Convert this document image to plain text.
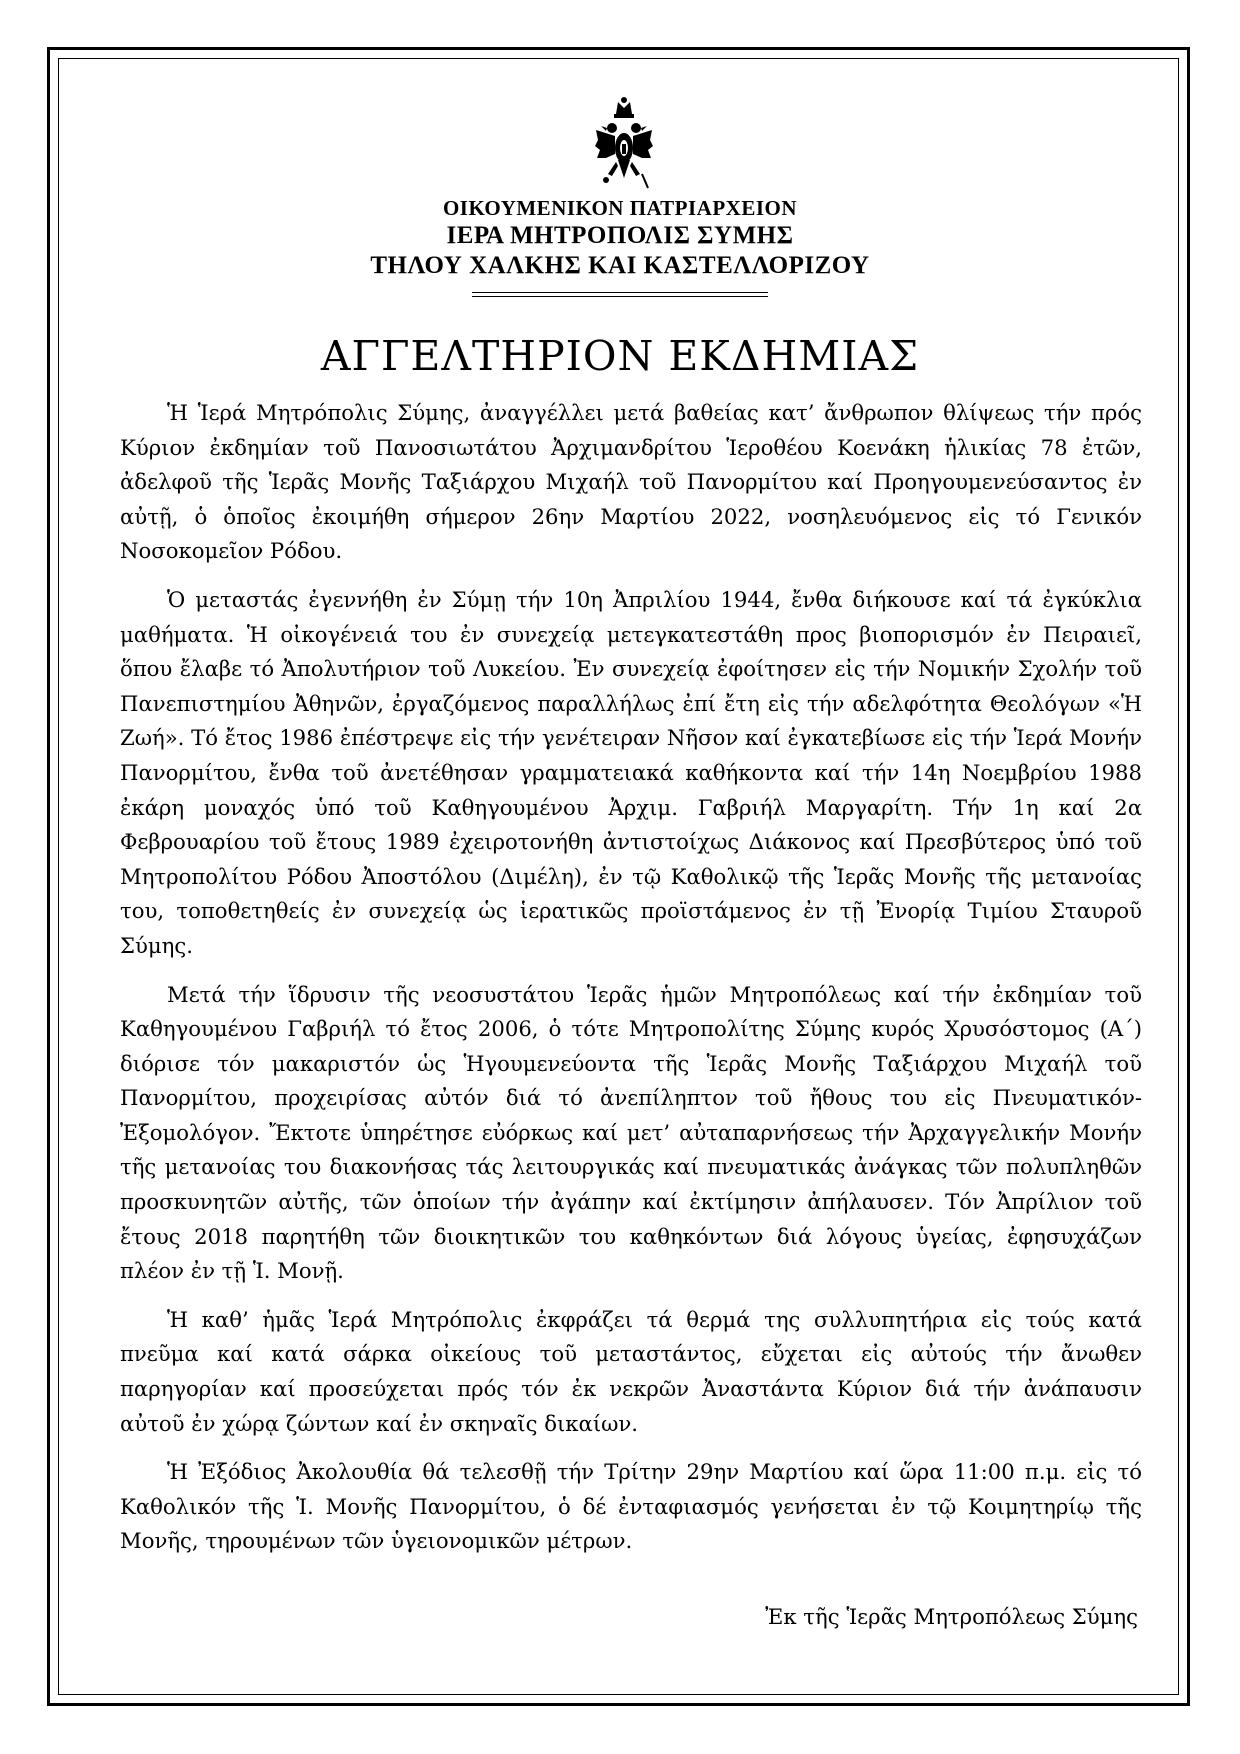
ΟΙΚΟΥΜΕΝΙΚΟΝ ΠΑΤΡΙΑΡΧΕΙΟΝ
ΙΕΡΑ ΜΗΤΡΟΠΟΛΙΣ ΣΥΜΗΣ
ΤΗΛΟΥ ΧΑΛΚΗΣ ΚΑΙ ΚΑΣΤΕΛΛΟΡΙΖΟΥ
ΑΓΓΕΛΤΗΡΙΟΝ ΕΚΔΗΜΙΑΣ

Ἡ Ἱερά Μητρόπολις Σύμης, ἀναγγέλλει μετά βαθείας κατ’ ἄνθρωπον θλίψεως τήν πρός Κύριον ἐκδημίαν τοῦ Πανοσιωτάτου Ἀρχιμανδρίτου Ἱεροθέου Κοενάκη ἡλικίας 78 ἐτῶν, ἀδελφοῦ τῆς Ἱερᾶς Μονῆς Ταξιάρχου Μιχαήλ τοῦ Πανορμίτου καί Προηγουμενεύσαντος ἐν αὐτῇ, ὁ ὁποῖος ἐκοιμήθη σήμερον 26ην Μαρτίου 2022, νοσηλευόμενος εἰς τό Γενικόν Νοσοκομεῖον Ρόδου.

Ὁ μεταστάς ἐγεννήθη ἐν Σύμῃ τήν 10η Ἀπριλίου 1944, ἔνθα διήκουσε καί τά ἐγκύκλια μαθήματα. Ἡ οἰκογένειά του ἐν συνεχείᾳ μετεγκατεστάθη προς βιοπορισμόν ἐν Πειραιεῖ, ὅπου ἔλαβε τό Ἀπολυτήριον τοῦ Λυκείου. Ἐν συνεχείᾳ ἐφοίτησεν εἰς τήν Νομικήν Σχολήν τοῦ Πανεπιστημίου Ἀθηνῶν, ἐργαζόμενος παραλλήλως ἐπί ἔτη εἰς τήν αδελφότητα Θεολόγων «Ἡ Ζωή». Τό ἔτος 1986 ἐπέστρεψε εἰς τήν γενέτειραν Νῆσον καί ἐγκατεβίωσε εἰς τήν Ἱερά Μονήν Πανορμίτου, ἔνθα τοῦ ἀνετέθησαν γραμματειακά καθήκοντα καί τήν 14η Νοεμβρίου 1988 ἐκάρη μοναχός ὑπό τοῦ Καθηγουμένου Ἀρχιμ. Γαβριήλ Μαργαρίτη. Τήν 1η καί 2α Φεβρουαρίου τοῦ ἔτους 1989 ἐχειροτονήθη ἀντιστοίχως Διάκονος καί Πρεσβύτερος ὑπό τοῦ Μητροπολίτου Ρόδου Ἀποστόλου (Διμέλη), ἐν τῷ Καθολικῷ τῆς Ἱερᾶς Μονῆς τῆς μετανοίας του, τοποθετηθείς ἐν συνεχείᾳ ὡς ἱερατικῶς προϊστάμενος ἐν τῇ Ἐνορίᾳ Τιμίου Σταυροῦ Σύμης.

Μετά τήν ἵδρυσιν τῆς νεοσυστάτου Ἱερᾶς ἡμῶν Μητροπόλεως καί τήν ἐκδημίαν τοῦ Καθηγουμένου Γαβριήλ τό ἔτος 2006, ὁ τότε Μητροπολίτης Σύμης κυρός Χρυσόστομος (Α΄) διόρισε τόν μακαριστόν ὡς Ἡγουμενεύοντα τῆς Ἱερᾶς Μονῆς Ταξιάρχου Μιχαήλ τοῦ Πανορμίτου, προχειρίσας αὐτόν διά τό ἀνεπίληπτον τοῦ ἤθους του εἰς Πνευματικόν-Ἐξομολόγον. Ἔκτοτε ὑπηρέτησε εὐόρκως καί μετ’ αὐταπαρνήσεως τήν Ἀρχαγγελικήν Μονήν τῆς μετανοίας του διακονήσας τάς λειτουργικάς καί πνευματικάς ἀνάγκας τῶν πολυπληθῶν προσκυνητῶν αὐτῆς, τῶν ὁποίων τήν ἀγάπην καί ἐκτίμησιν ἀπήλαυσεν. Τόν Ἀπρίλιον τοῦ ἔτους 2018 παρητήθη τῶν διοικητικῶν του καθηκόντων διά λόγους ὑγείας, ἐφησυχάζων πλέον ἐν τῇ Ἱ. Μονῇ.

Ἡ καθ’ ἡμᾶς Ἱερά Μητρόπολις ἐκφράζει τά θερμά της συλλυπητήρια εἰς τούς κατά πνεῦμα καί κατά σάρκα οἰκείους τοῦ μεταστάντος, εὔχεται εἰς αὐτούς τήν ἄνωθεν παρηγορίαν καί προσεύχεται πρός τόν ἐκ νεκρῶν Ἀναστάντα Κύριον διά τήν ἀνάπαυσιν αὐτοῦ ἐν χώρᾳ ζώντων καί ἐν σκηναῖς δικαίων.

Ἡ Ἐξόδιος Ἀκολουθία θά τελεσθῇ τήν Τρίτην 29ην Μαρτίου καί ὥρα 11:00 π.μ. εἰς τό Καθολικόν τῆς Ἱ. Μονῆς Πανορμίτου, ὁ δέ ἐνταφιασμός γενήσεται ἐν τῷ Κοιμητηρίῳ τῆς Μονῆς, τηρουμένων τῶν ὑγειονομικῶν μέτρων.

Ἐκ τῆς Ἱερᾶς Μητροπόλεως Σύμης
